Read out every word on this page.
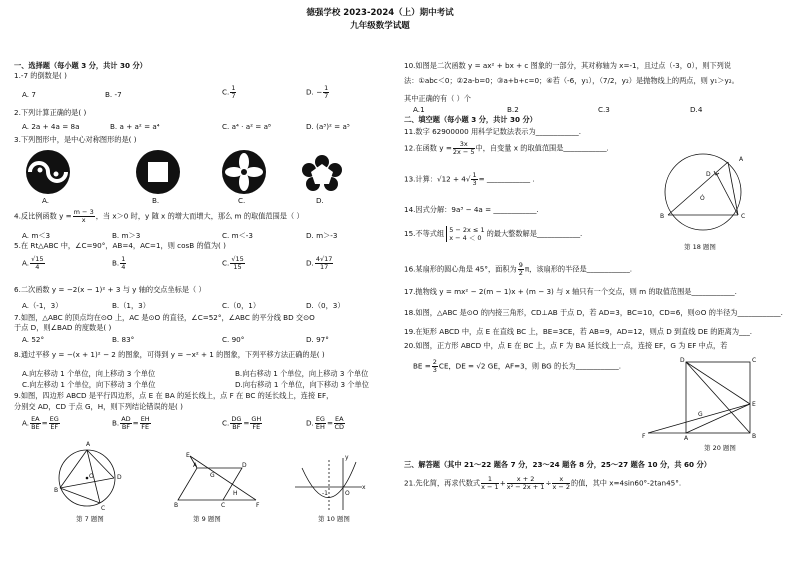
德强学校 2023-2024（上）期中考试
九年级数学试题
一、选择题（每小题 3 分，共计 30 分）
1.-7 的倒数是( )
A. 7	B. -7	C. $\frac{1}{7}$	D. − $\frac{1}{7}$
2.下列计算正确的是( )
A. 2a + 4a = 8a	B. a + a² = a⁴	C. a⁴ · a² = a⁸	D. (a³)² = a⁵
3.下列图形中，是中心对称图形的是( )
A.	B.	C.	D.
4.反比例函数 $y = \frac{m - 3}{x}$ ，当 x＞0 时，y 随 x 的增大而增大，那么 m 的取值范围是（ ）
A. m＜3	B. m＞3	C. m＜-3	D. m＞-3
5.在 Rt△ABC 中，∠C=90°，AB=4，AC=1，则 cosB 的值为( )
A. $\frac{√15}{4}$	B. $\frac{1}{4}$	C. $\frac{√15}{15}$	D. $\frac{4√17}{17}$
6.二次函数 y = −2(x − 1)² + 3 与 y 轴的交点坐标是（ ）
A.（-1，3）	B.（1，3）	C.（0，1）	D.（0，3）
7.如图，△ABC 的顶点均在⊙O 上，AC 是⊙O 的直径，∠C=52°，∠ABC 的平分线 BD 交⊙O
于点 D，则∠BAD 的度数是( )
A. 52°	B. 83°	C. 90°	D. 97°
8.通过平移 y = −(x + 1)² − 2 的图象，可得到 y = −x² + 1 的图象，下列平移方法正确的是( )
A.向左移动 1 个单位，向上移动 3 个单位	B.向右移动 1 个单位，向上移动 3 个单位
C.向左移动 1 个单位，向下移动 3 个单位	D.向右移动 1 个单位，向下移动 3 个单位
9.如图，四边形 ABCD 是平行四边形，点 E 在 BA 的延长线上，点 F 在 BC 的延长线上，连接 EF，
分别交 AD，CD 于点 G，H，则下列结论错误的是( )
A. $\frac{EA}{BE} = \frac{EG}{EF}$	B. $\frac{AD}{BF} = \frac{EH}{FE}$	C. $\frac{DG}{BF} = \frac{GH}{FE}$	D. $\frac{EG}{EH} = \frac{EA}{CD}$
A
B
C
D
O
E
A	D
B	C	F
G
H
y
x
O
-1
第 7 题图	第 9 题图	第 10 题图
10.如图是二次函数 y = ax² + bx + c 图象的一部分，其对称轴为 x=-1，且过点（-3，0），则下列说
法：①abc＜0；②2a-b=0；③a+b+c=0；④若（-6，y₁），（7/2，y₂）是抛物线上的两点，则 y₁＞y₂。
其中正确的有（ ）个
A.1	B.2	C.3	D.4
二、填空题（每小题 3 分，共计 30 分）
11.数字 62900000 用科学记数法表示为____________.
12.在函数 $y = \frac{3x}{2x - 5}$ 中，自变量 x 的取值范围是____________.
13.计算：$√12 + 4√ \frac{1}{3}$ = ____________ .
14.因式分解：9a³ − 4a = ____________.
15.不等式组 5 − 2x ≤ 1
x − 4 ＜ 0 的最大整数解是____________.
16.某扇形的圆心角是 45°，面积为 $\frac{9}{2}$ π，该扇形的半径是____________.
17.抛物线 y = mx² − 2(m − 1)x + (m − 3) 与 x 轴只有一个交点，则 m 的取值范围是____________.
18.如图，△ABC 是⊙O 的内接三角形，CD⊥AB 于点 D，若 AD=3，BC=10，CD=6，则⊙O 的半径为____________.
19.在矩形 ABCD 中，点 E 在直线 BC 上，BE=3CE，若 AB=9，AD=12，则点 D 到直线 DE 的距离为___.
20.如图，正方形 ABCD 中，点 E 在 BC 上，点 F 为 BA 延长线上一点，连接 EF，G 为 EF 中点，若
BE = $\frac{2}{3}$ CE，DE = √2 GE，AF=3，则 BG 的长为____________.
三、解答题（其中 21～22 题各 7 分，23～24 题各 8 分，25～27 题各 10 分，共 60 分）
21.先化简，再求代数式 $\frac{1}{x - 1} + \frac{x + 2}{\text{x² − 2x + 1}} \div \frac{x}{x - 2}$ 的值，其中 x=4sin60°-2tan45°.
A
D
Ȯ
B	C
第 18 题图
D	C
E
B
A
F
G
第 20 题图
